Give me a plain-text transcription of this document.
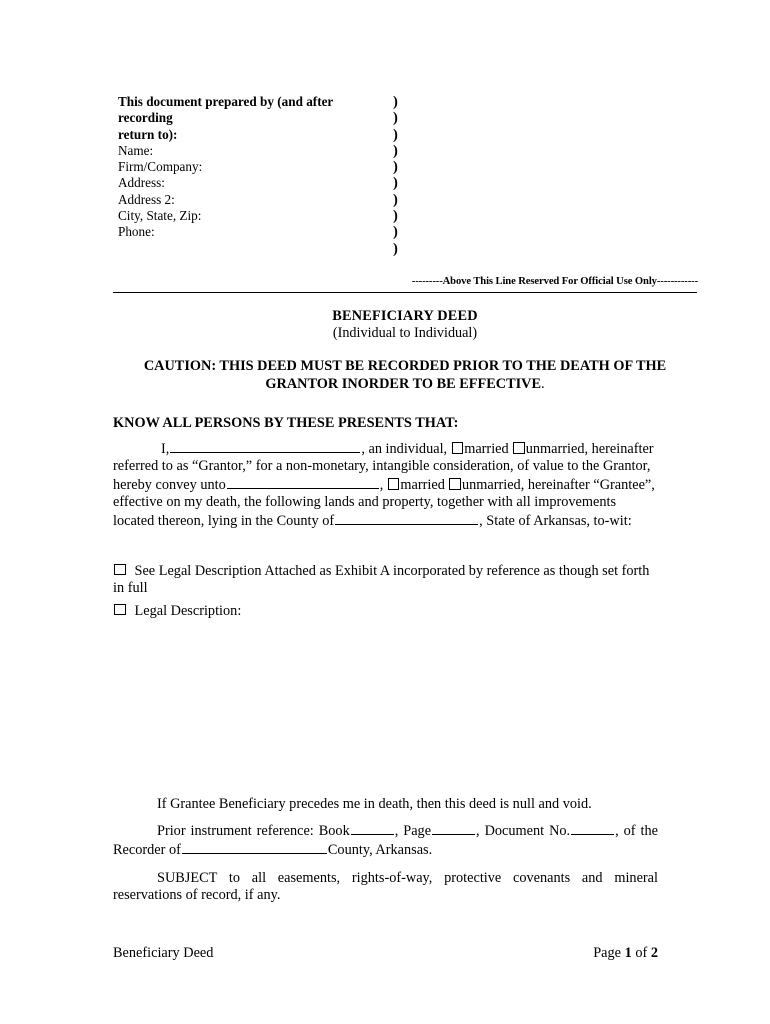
This document prepared by (and after recording
return to):
Name:
Firm/Company:
Address:
Address 2:
City, State, Zip:
Phone:
)
)
)
)
)
)
)
)
)
)
---------Above This Line Reserved For Official Use Only------------
BENEFICIARY DEED
(Individual to Individual)
CAUTION: THIS DEED MUST BE RECORDED PRIOR TO THE DEATH OF THE
GRANTOR INORDER TO BE EFFECTIVE.
KNOW ALL PERSONS BY THESE PRESENTS THAT:
I,	, an individual, married unmarried, hereinafter referred to as “Grantor,” for a non-monetary, intangible consideration, of value to the Grantor, hereby convey unto	, married unmarried, hereinafter “Grantee”, effective on my death, the following lands and property, together with all improvements located thereon, lying in the County of	, State of Arkansas, to-wit:
See Legal Description Attached as Exhibit A incorporated by reference as though set forth in full
Legal Description:
If Grantee Beneficiary precedes me in death, then this deed is null and void.
Prior instrument reference: Book	, Page	, Document No.	, of the Recorder of	County, Arkansas.
SUBJECT to all easements, rights-of-way, protective covenants and mineral reservations of record, if any.
Beneficiary Deed	Page 1 of 2
